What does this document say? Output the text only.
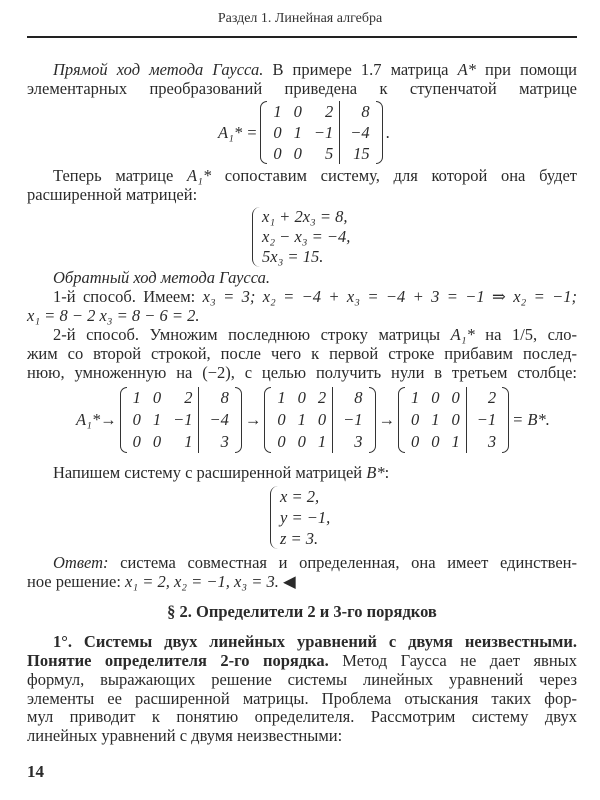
Раздел 1. Линейная алгебра
Прямой ход метода Гаусса. В примере 1.7 матрица A* при помощи
элементарных преобразований приведена к ступенчатой матрице
Теперь матрице A₁* сопоставим систему, для которой она будет
расширенной матрицей:
Обратный ход метода Гаусса.
1-й способ. Имеем: x₃ = 3; x₂ = −4 + x₃ = −4 + 3 = −1 ⇒ x₂ = −1;
x₁ = 8 − 2 x₃ = 8 − 6 = 2.
2-й способ. Умножим последнюю строку матрицы A₁* на 1/5, сло-
жим со второй строкой, после чего к первой строке прибавим послед-
нюю, умноженную на (−2), с целью получить нули в третьем столбце:
Напишем систему с расширенной матрицей B*:
Ответ: система совместная и определенная, она имеет единствен-
ное решение: x₁ = 2, x₂ = −1, x₃ = 3. ◀
§ 2. Определители 2 и 3-го порядков
1°. Системы двух линейных уравнений с двумя неизвестными.
Понятие определителя 2-го порядка. Метод Гаусса не дает явных
формул, выражающих решение системы линейных уравнений через
элементы ее расширенной матрицы. Проблема отыскания таких фор-
мул приводит к понятию определителя. Рассмотрим систему двух
линейных уравнений с двумя неизвестными:
A₁* =
1 0	2	8
0 1 −1	−4
0 0	5	15
.
x₁ + 2x₃ = 8,
x₂ − x₃ = −4,
5x₃ = 15.
A₁*→
1 0	2	8
0 1 −1	−4
0 0	1	3
→
1 0 2	8
0 1 0	−1
0 0 1	3
→
1 0 0	2
0 1 0	−1
0 0 1	3
= B*.
x = 2,
y = −1,
z = 3.
14
